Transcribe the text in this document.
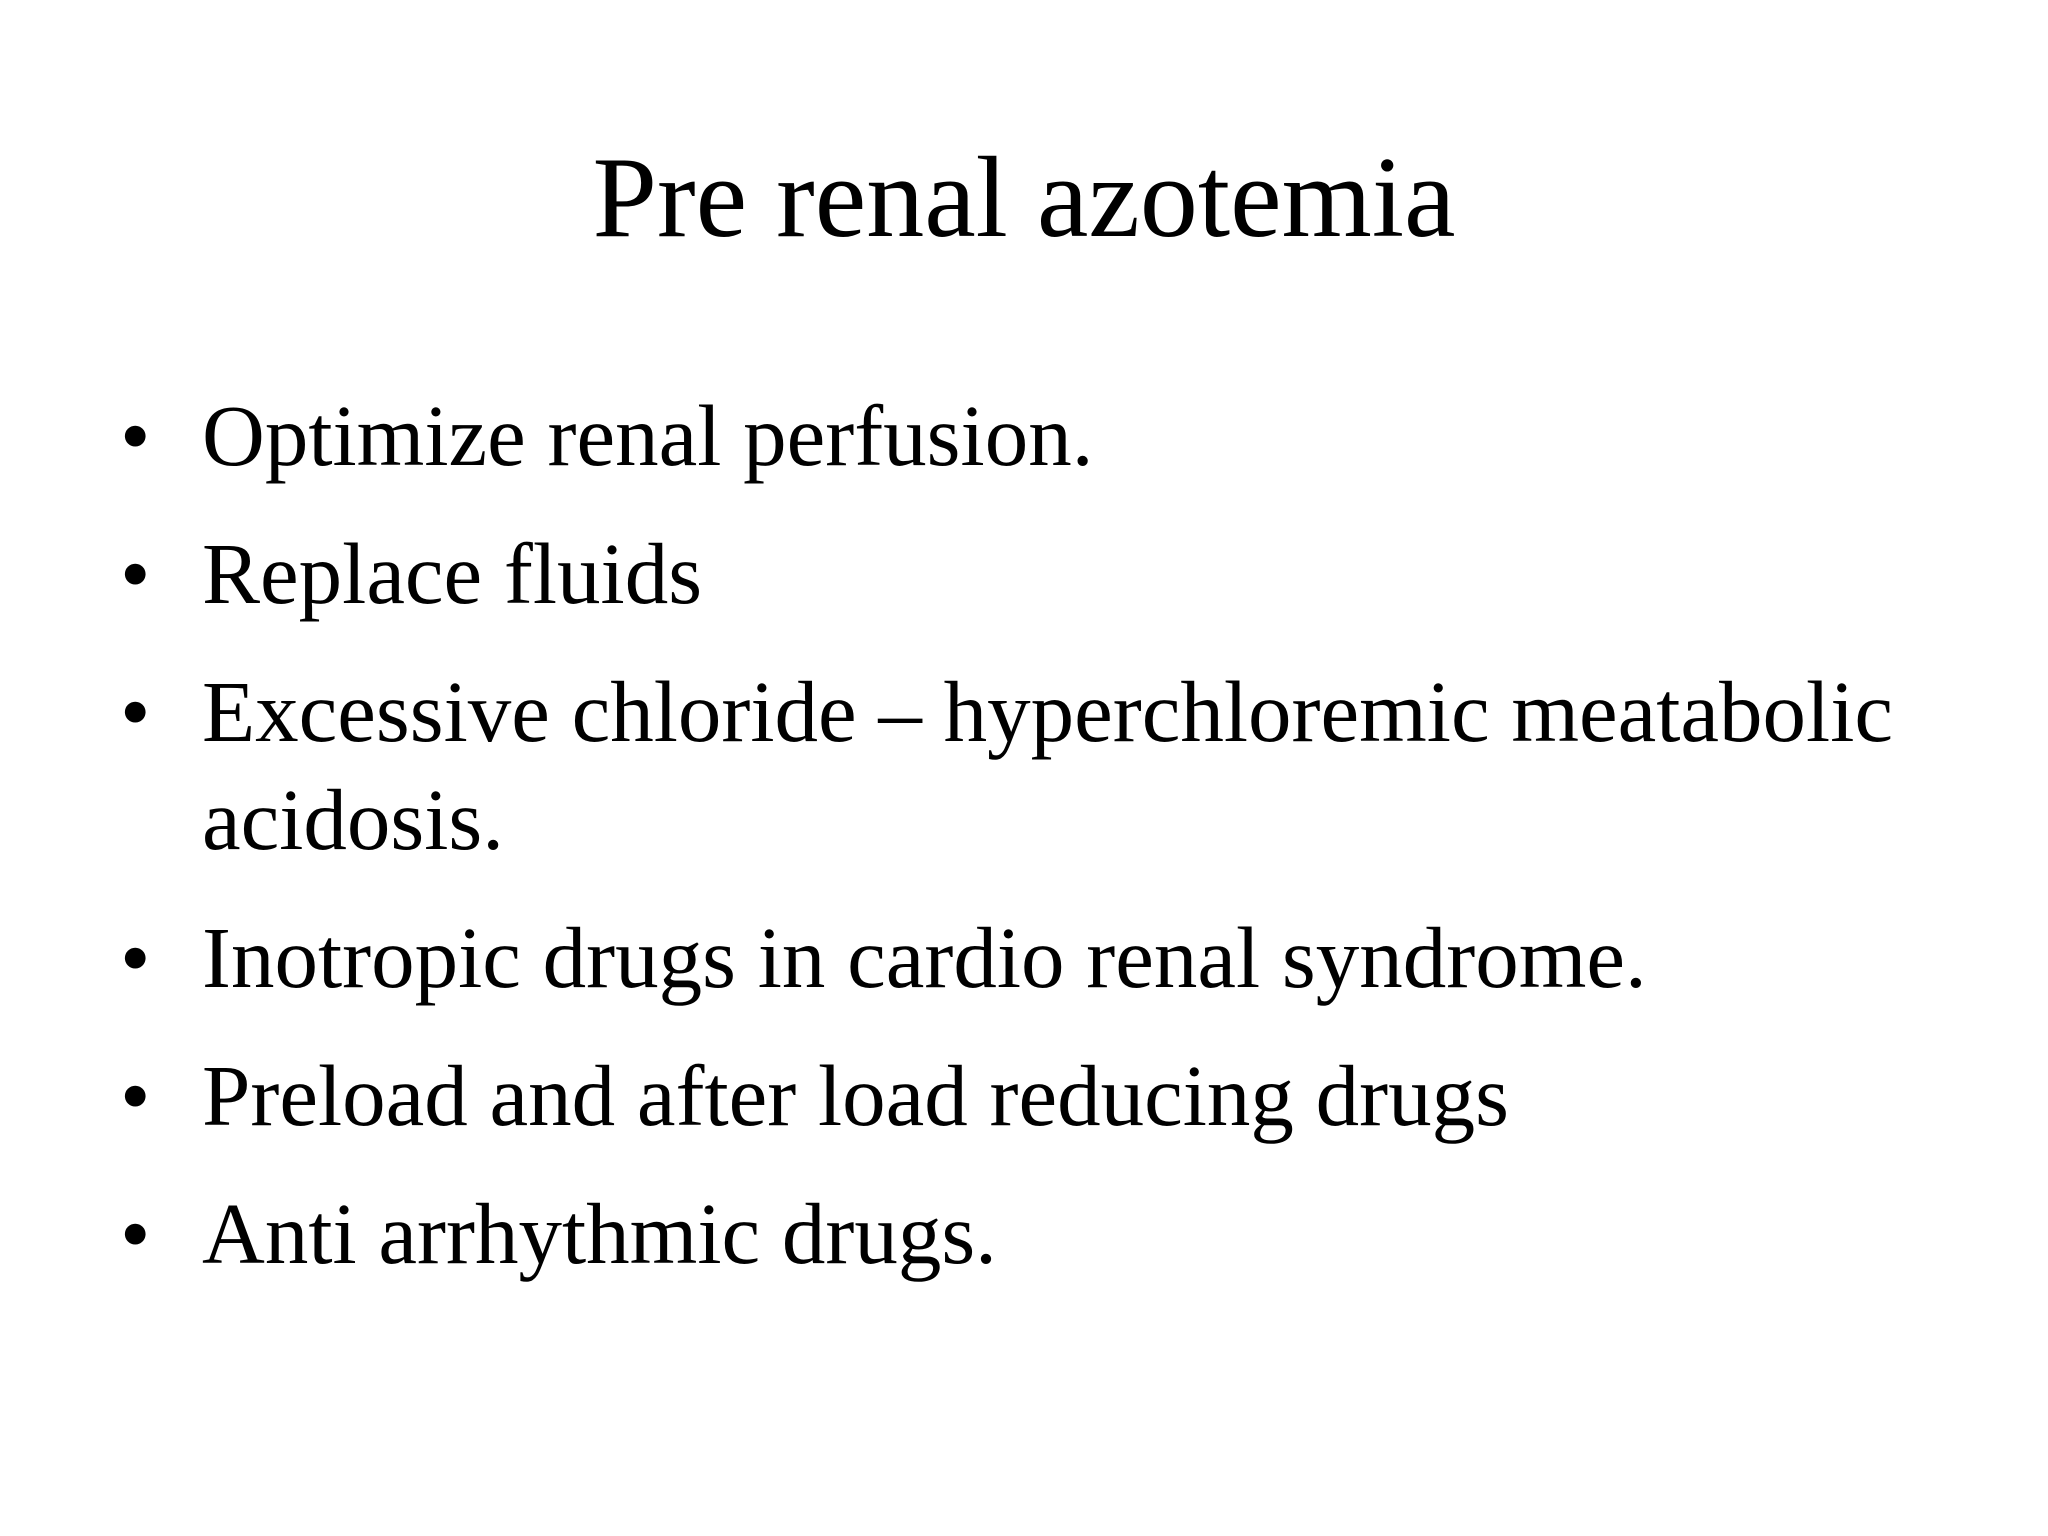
Pre renal azotemia
• Optimize renal perfusion.
• Replace fluids
• Excessive chloride – hyperchloremic meatabolic acidosis.
• Inotropic drugs in cardio renal syndrome.
• Preload and after load reducing drugs
• Anti arrhythmic drugs.
